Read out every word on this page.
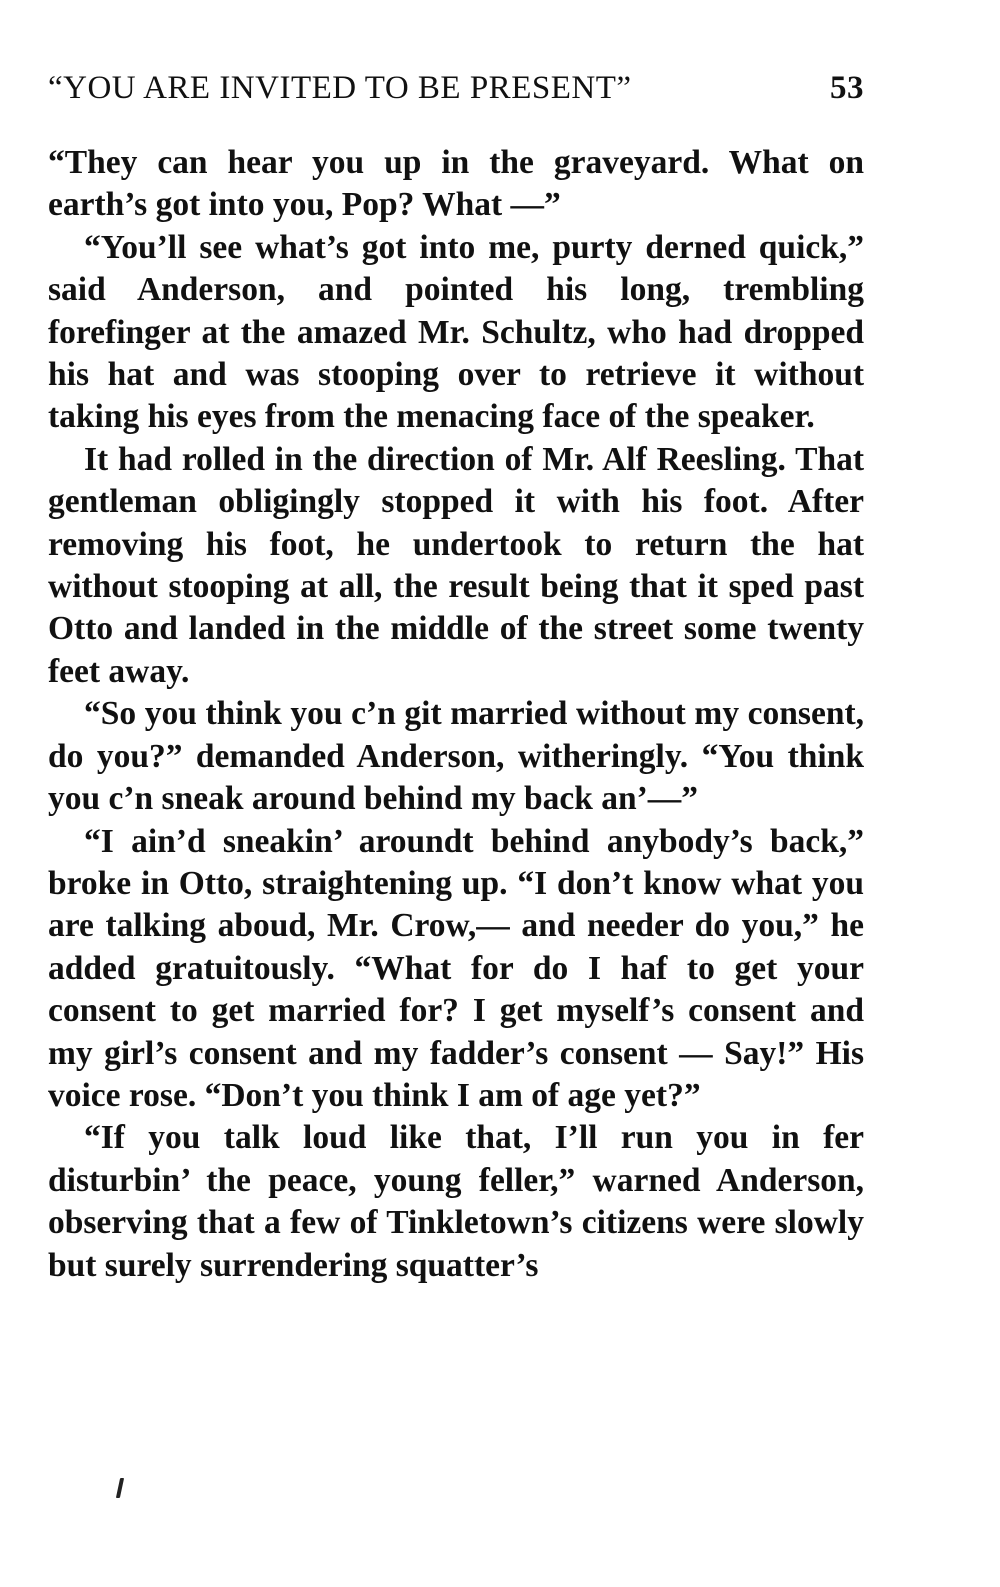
“YOU ARE INVITED TO BE PRESENT”	53

“They can hear you up in the graveyard. What on earth’s got into you, Pop? What —”

“You’ll see what’s got into me, purty derned quick,” said Anderson, and pointed his long, trembling forefinger at the amazed Mr. Schultz, who had dropped his hat and was stooping over to retrieve it without taking his eyes from the menacing face of the speaker.

It had rolled in the direction of Mr. Alf Reesling. That gentleman obligingly stopped it with his foot. After removing his foot, he undertook to return the hat without stooping at all, the result being that it sped past Otto and landed in the middle of the street some twenty feet away.

“So you think you c’n git married without my consent, do you?” demanded Anderson, witheringly. “You think you c’n sneak around behind my back an’—”

“I ain’d sneakin’ aroundt behind anybody’s back,” broke in Otto, straightening up. “I don’t know what you are talking aboud, Mr. Crow,— and needer do you,” he added gratuitously. “What for do I haf to get your consent to get married for? I get myself’s consent and my girl’s consent and my fadder’s consent — Say!” His voice rose. “Don’t you think I am of age yet?”

“If you talk loud like that, I’ll run you in fer disturbin’ the peace, young feller,” warned Anderson, observing that a few of Tinkletown’s citizens were slowly but surely surrendering squatter’s
